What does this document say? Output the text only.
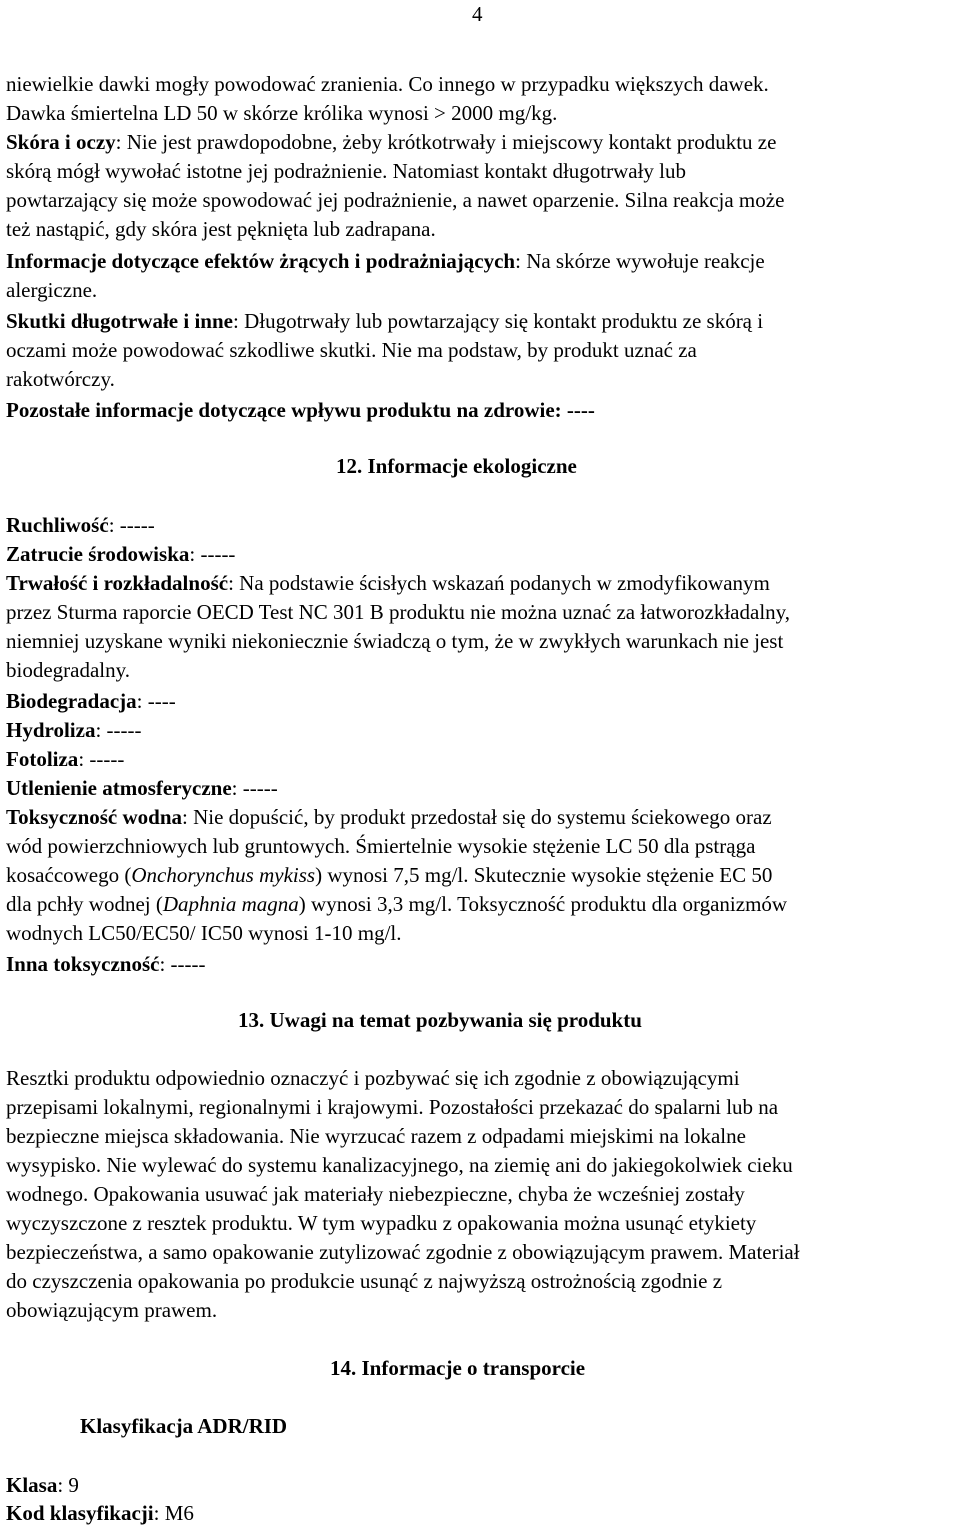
4
niewielkie dawki mogły powodować zranienia. Co innego w przypadku większych dawek.
Dawka śmiertelna LD 50 w skórze królika wynosi > 2000 mg/kg.
Skóra i oczy: Nie jest prawdopodobne, żeby krótkotrwały i miejscowy kontakt produktu ze
skórą mógł wywołać istotne jej podrażnienie. Natomiast kontakt długotrwały lub
powtarzający się może spowodować jej podrażnienie, a nawet oparzenie. Silna reakcja może
też nastąpić, gdy skóra jest pęknięta lub zadrapana.
Informacje dotyczące efektów żrących i podrażniających: Na skórze wywołuje reakcje
alergiczne.
Skutki długotrwałe i inne: Długotrwały lub powtarzający się kontakt produktu ze skórą i
oczami może powodować szkodliwe skutki. Nie ma podstaw, by produkt uznać za
rakotwórczy.
Pozostałe informacje dotyczące wpływu produktu na zdrowie: ----
12. Informacje ekologiczne
Ruchliwość: -----
Zatrucie środowiska: -----
Trwałość i rozkładalność: Na podstawie ścisłych wskazań podanych w zmodyfikowanym
przez Sturma raporcie OECD Test NC 301 B produktu nie można uznać za łatworozkładalny,
niemniej uzyskane wyniki niekoniecznie świadczą o tym, że w zwykłych warunkach nie jest
biodegradalny.
Biodegradacja: ----
Hydroliza: -----
Fotoliza: -----
Utlenienie atmosferyczne: -----
Toksyczność wodna: Nie dopuścić, by produkt przedostał się do systemu ściekowego oraz
wód powierzchniowych lub gruntowych. Śmiertelnie wysokie stężenie LC 50 dla pstrąga
kosaćcowego (Onchorynchus mykiss) wynosi 7,5 mg/l. Skutecznie wysokie stężenie EC 50
dla pchły wodnej (Daphnia magna) wynosi 3,3 mg/l. Toksyczność produktu dla organizmów
wodnych LC50/EC50/ IC50 wynosi 1-10 mg/l.
Inna toksyczność: -----
13. Uwagi na temat pozbywania się produktu
Resztki produktu odpowiednio oznaczyć i pozbywać się ich zgodnie z obowiązującymi
przepisami lokalnymi, regionalnymi i krajowymi. Pozostałości przekazać do spalarni lub na
bezpieczne miejsca składowania. Nie wyrzucać razem z odpadami miejskimi na lokalne
wysypisko. Nie wylewać do systemu kanalizacyjnego, na ziemię ani do jakiegokolwiek cieku
wodnego. Opakowania usuwać jak materiały niebezpieczne, chyba że wcześniej zostały
wyczyszczone z resztek produktu. W tym wypadku z opakowania można usunąć etykiety
bezpieczeństwa, a samo opakowanie zutylizować zgodnie z obowiązującym prawem. Materiał
do czyszczenia opakowania po produkcie usunąć z najwyższą ostrożnością zgodnie z
obowiązującym prawem.
14. Informacje o transporcie
Klasyfikacja ADR/RID
Klasa: 9
Kod klasyfikacji: M6
